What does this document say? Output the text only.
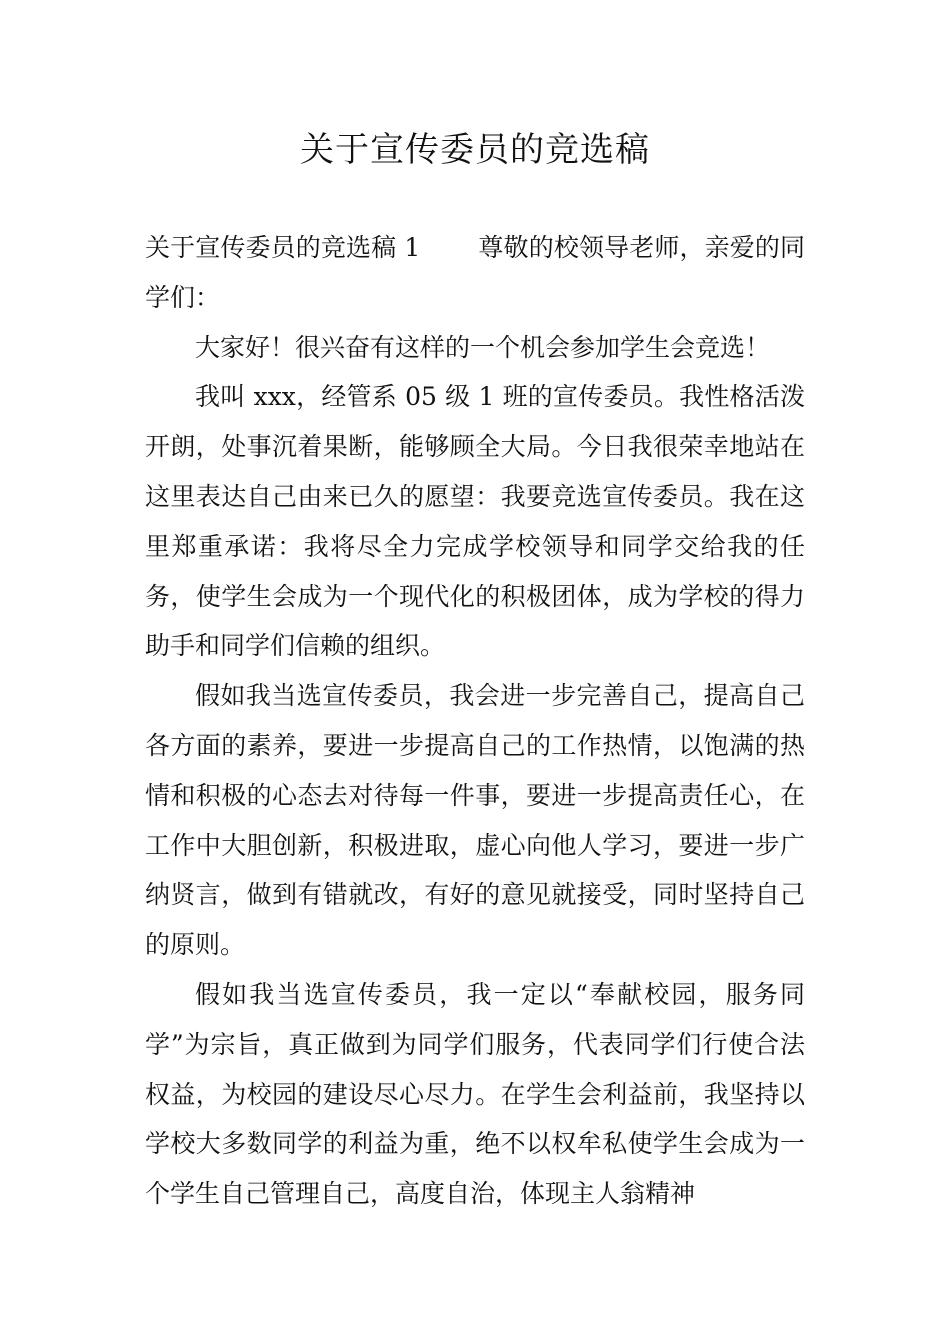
关于宣传委员的竞选稿

关于宣传委员的竞选稿 1 尊敬的校领导老师，亲爱的同学们：

大家好！很兴奋有这样的一个机会参加学生会竞选！

我叫 xxx，经管系 05 级 1 班的宣传委员。我性格活泼开朗，处事沉着果断，能够顾全大局。今日我很荣幸地站在这里表达自己由来已久的愿望：我要竞选宣传委员。我在这里郑重承诺：我将尽全力完成学校领导和同学交给我的任务，使学生会成为一个现代化的积极团体，成为学校的得力助手和同学们信赖的组织。

假如我当选宣传委员，我会进一步完善自己，提高自己各方面的素养，要进一步提高自己的工作热情，以饱满的热情和积极的心态去对待每一件事，要进一步提高责任心，在工作中大胆创新，积极进取，虚心向他人学习，要进一步广纳贤言，做到有错就改，有好的意见就接受，同时坚持自己的原则。

假如我当选宣传委员，我一定以“奉献校园，服务同学”为宗旨，真正做到为同学们服务，代表同学们行使合法权益，为校园的建设尽心尽力。在学生会利益前，我坚持以学校大多数同学的利益为重，绝不以权牟私使学生会成为一个学生自己管理自己，高度自治，体现主人翁精神
